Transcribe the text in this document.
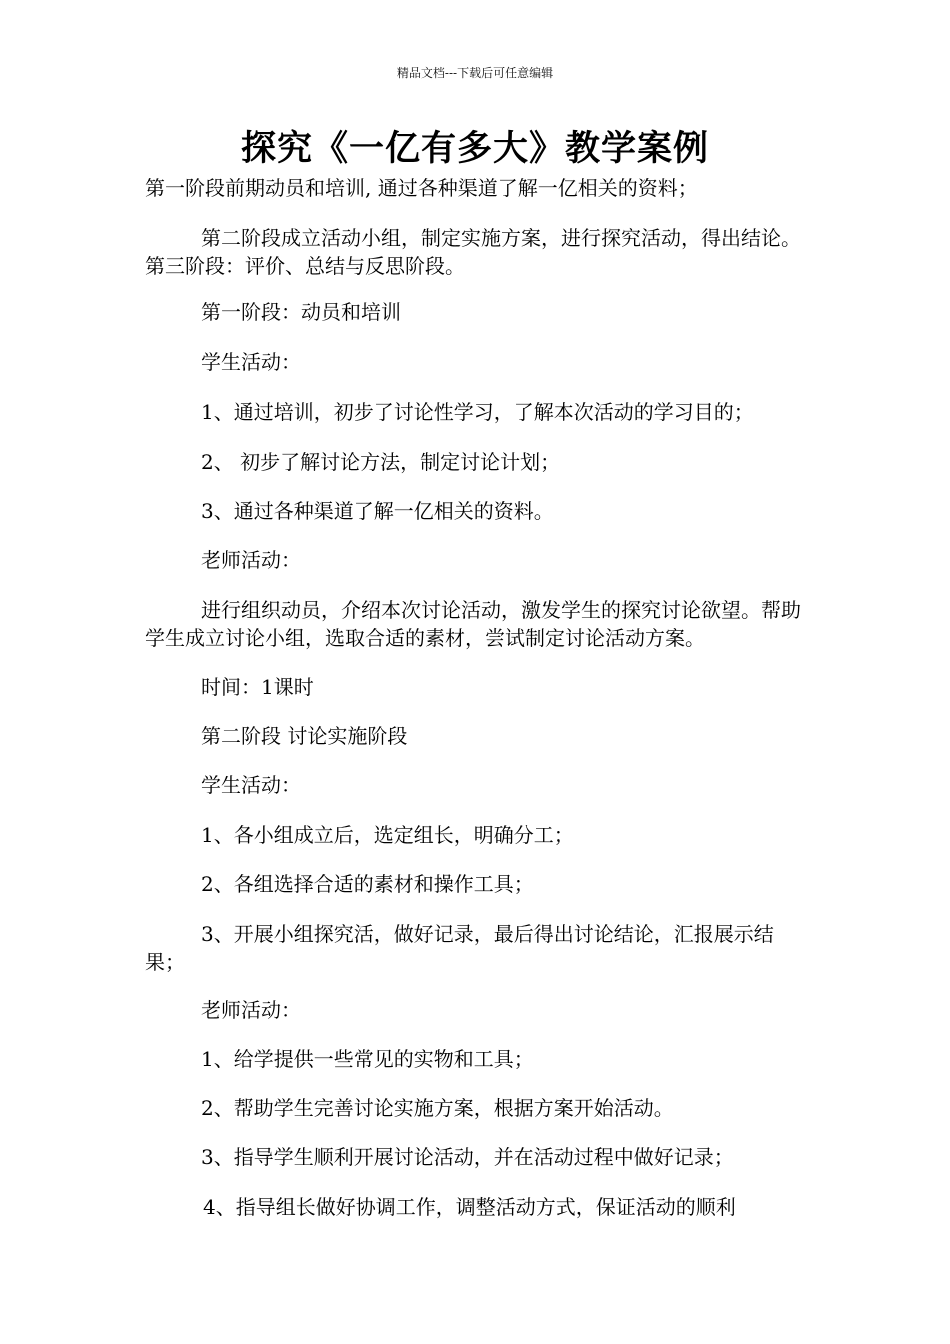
精品文档---下载后可任意编辑
探究《一亿有多大》教学案例
第一阶段前期动员和培训, 通过各种渠道了解一亿相关的资料；

第二阶段成立活动小组，制定实施方案，进行探究活动，得出结论。第三阶段：评价、总结与反思阶段。

第一阶段：动员和培训
学生活动：
1、通过培训，初步了讨论性学习，了解本次活动的学习目的；
2、 初步了解讨论方法，制定讨论计划；
3、通过各种渠道了解一亿相关的资料。
老师活动：

进行组织动员，介绍本次讨论活动，激发学生的探究讨论欲望。帮助学生成立讨论小组，选取合适的素材，尝试制定讨论活动方案。

时间：1课时
第二阶段 讨论实施阶段
学生活动：
1、各小组成立后，选定组长，明确分工；
2、各组选择合适的素材和操作工具；

3、开展小组探究活，做好记录，最后得出讨论结论，汇报展示结果；

老师活动：
1、给学提供一些常见的实物和工具；
2、帮助学生完善讨论实施方案，根据方案开始活动。
3、指导学生顺利开展讨论活动，并在活动过程中做好记录；
4、指导组长做好协调工作，调整活动方式，保证活动的顺利
